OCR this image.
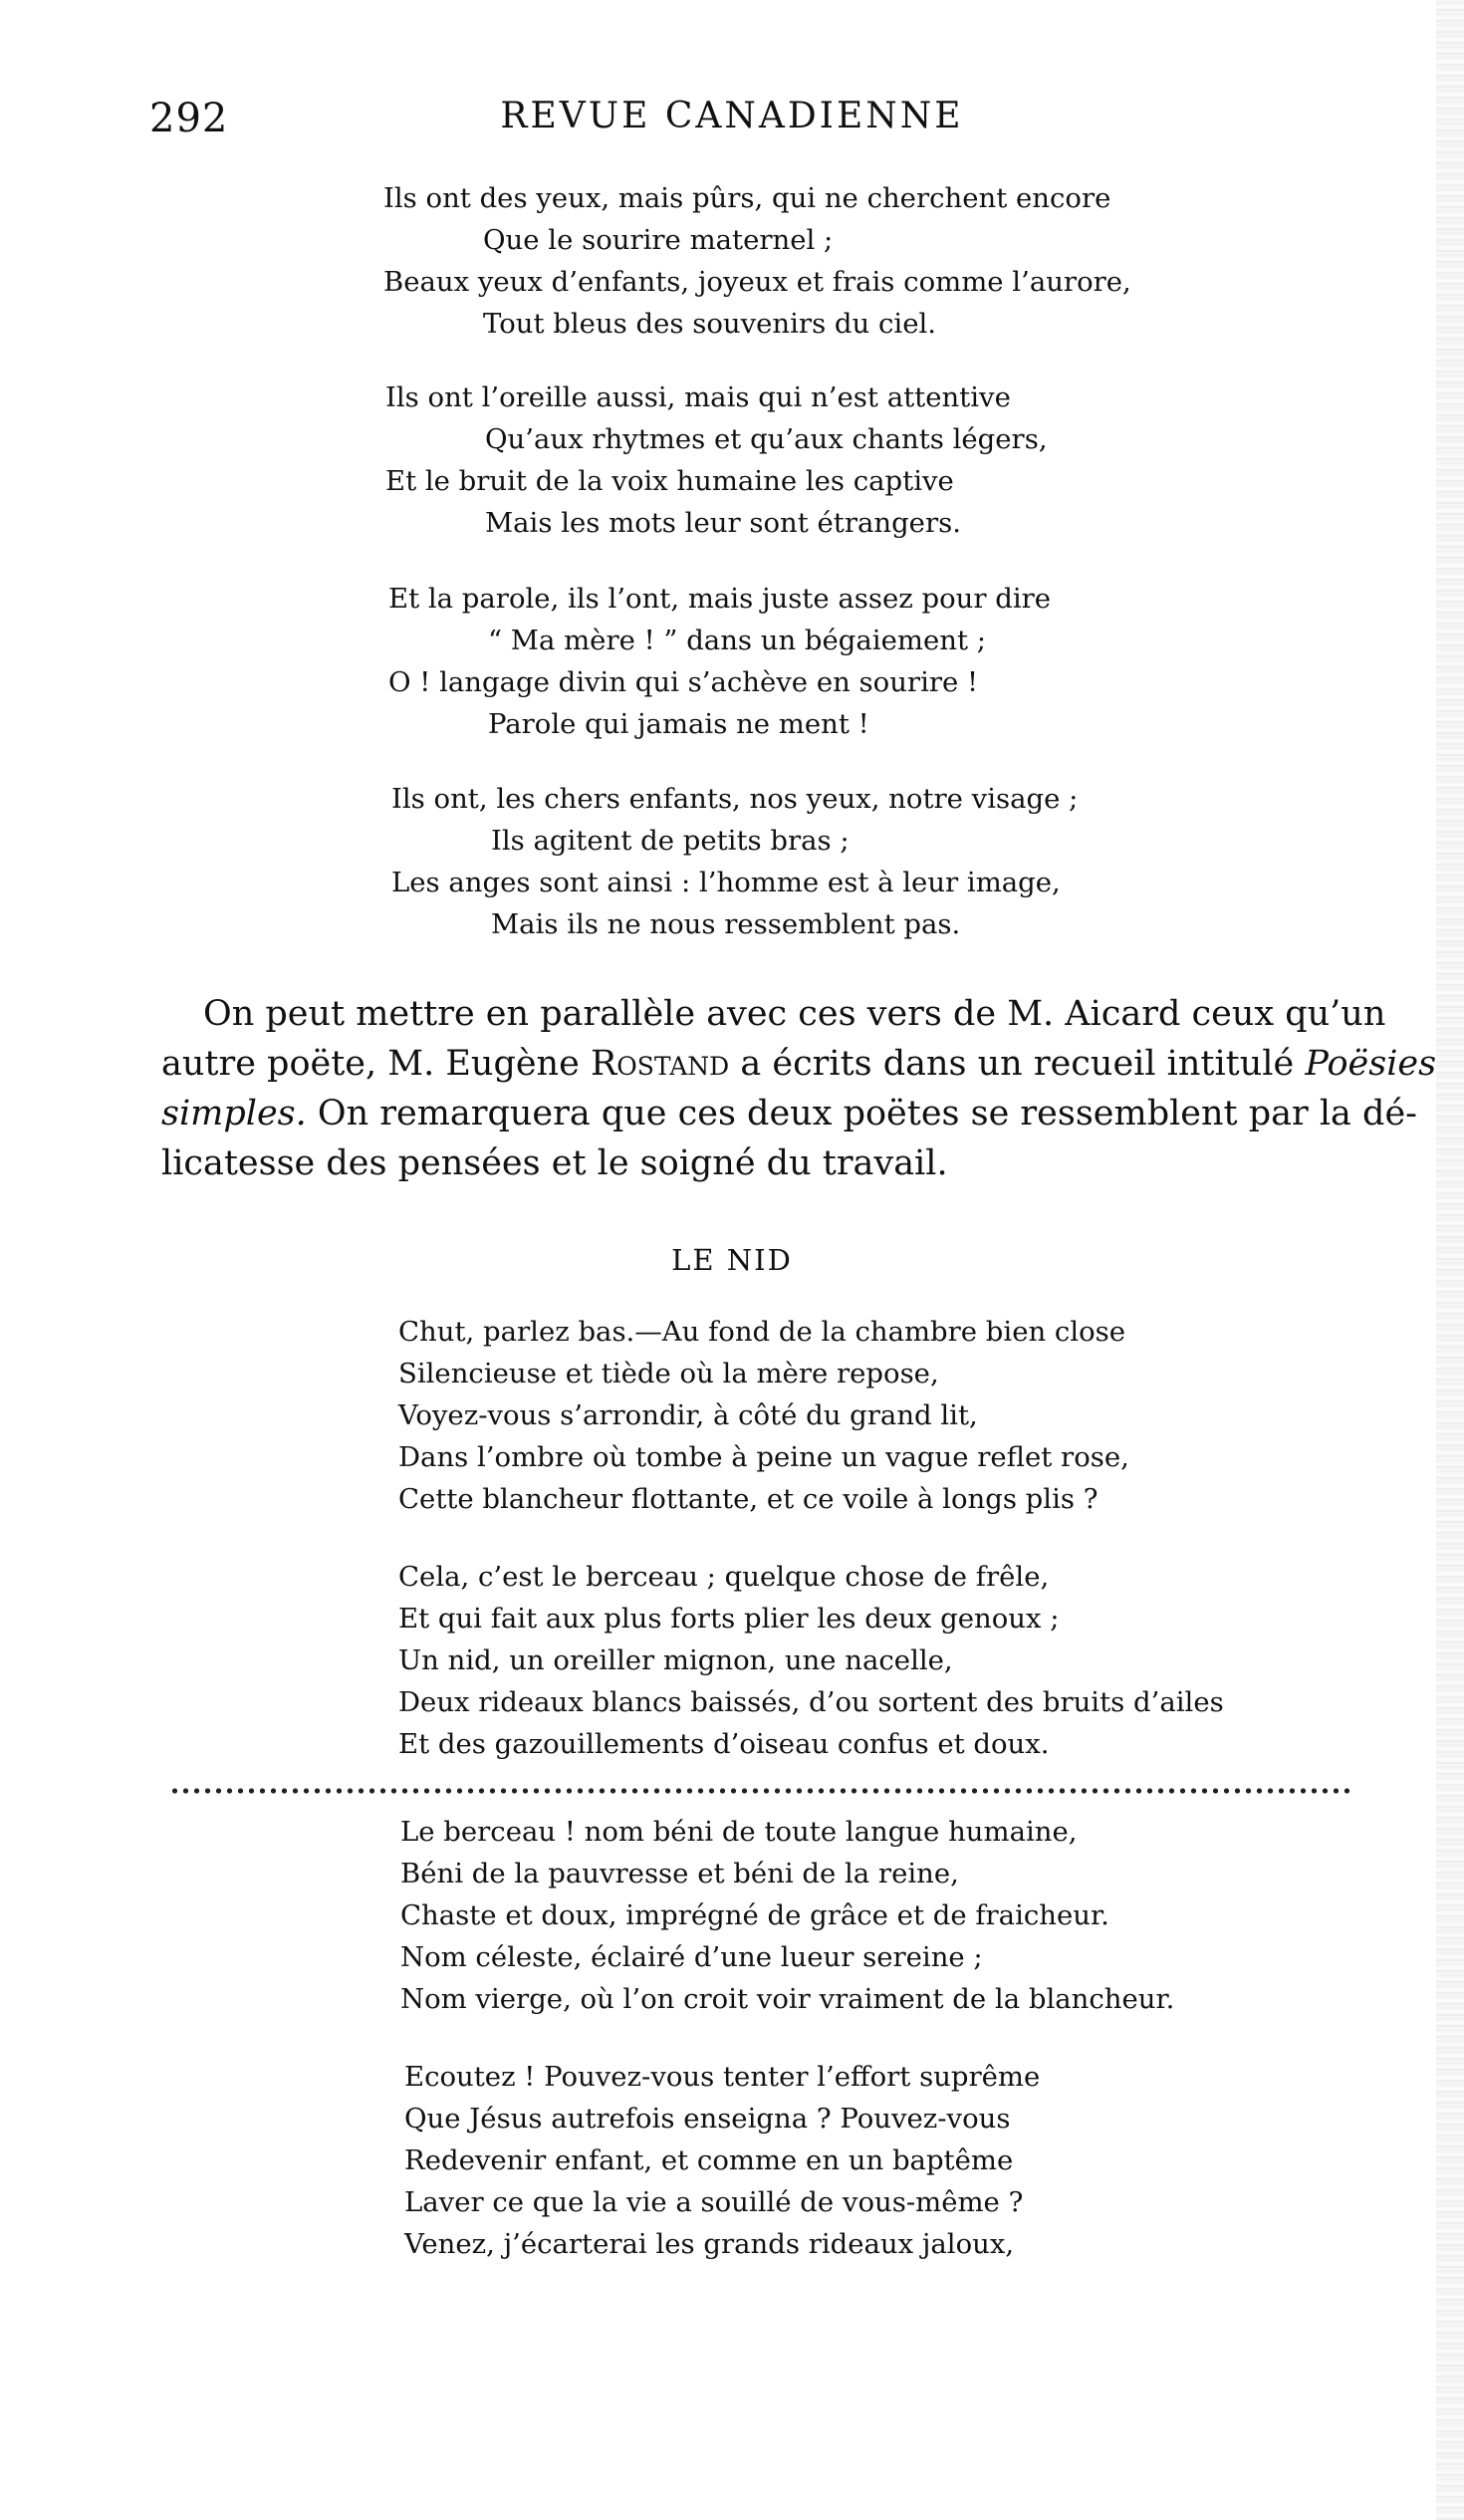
292	REVUE CANADIENNE
Ils ont des yeux, mais pûrs, qui ne cherchent encore
Que le sourire maternel ;
Beaux yeux d’enfants, joyeux et frais comme l’aurore,
Tout bleus des souvenirs du ciel.
Ils ont l’oreille aussi, mais qui n’est attentive
Qu’aux rhytmes et qu’aux chants légers,
Et le bruit de la voix humaine les captive
Mais les mots leur sont étrangers.
Et la parole, ils l’ont, mais juste assez pour dire
“ Ma mère ! ” dans un bégaiement ;
O ! langage divin qui s’achève en sourire !
Parole qui jamais ne ment !
Ils ont, les chers enfants, nos yeux, notre visage ;
Ils agitent de petits bras ;
Les anges sont ainsi : l’homme est à leur image,
Mais ils ne nous ressemblent pas.

On peut mettre en parallèle avec ces vers de M. Aicard ceux qu’un
autre poëte, M. Eugène Rostand a écrits dans un recueil intitulé Poësies
simples. On remarquera que ces deux poëtes se ressemblent par la dé-
licatesse des pensées et le soigné du travail.

LE NID
Chut, parlez bas.—Au fond de la chambre bien close
Silencieuse et tiède où la mère repose,
Voyez-vous s’arrondir, à côté du grand lit,
Dans l’ombre où tombe à peine un vague reflet rose,
Cette blancheur flottante, et ce voile à longs plis ?
Cela, c’est le berceau ; quelque chose de frêle,
Et qui fait aux plus forts plier les deux genoux ;
Un nid, un oreiller mignon, une nacelle,
Deux rideaux blancs baissés, d’ou sortent des bruits d’ailes
Et des gazouillements d’oiseau confus et doux.
Le berceau ! nom béni de toute langue humaine,
Béni de la pauvresse et béni de la reine,
Chaste et doux, imprégné de grâce et de fraicheur.
Nom céleste, éclairé d’une lueur sereine ;
Nom vierge, où l’on croit voir vraiment de la blancheur.
Ecoutez ! Pouvez-vous tenter l’effort suprême
Que Jésus autrefois enseigna ? Pouvez-vous
Redevenir enfant, et comme en un baptême
Laver ce que la vie a souillé de vous-même ?
Venez, j’écarterai les grands rideaux jaloux,
